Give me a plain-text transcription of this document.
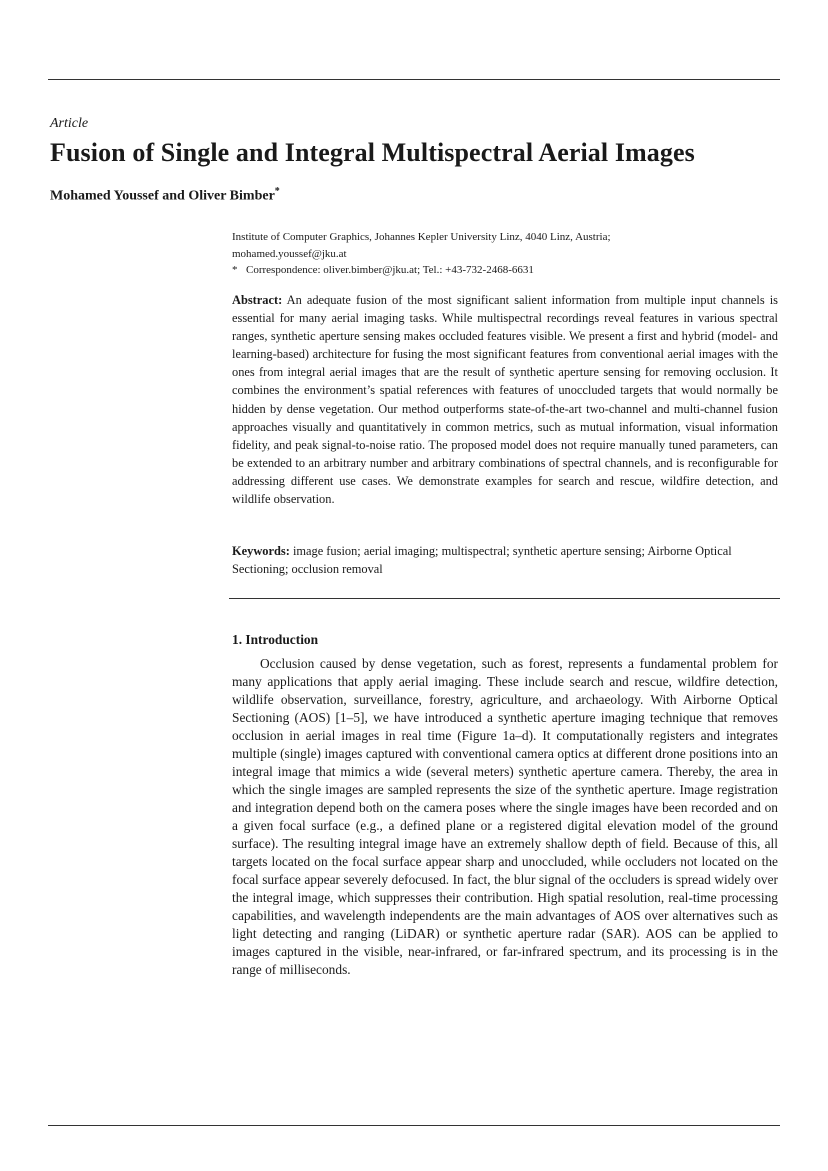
Article
Fusion of Single and Integral Multispectral Aerial Images
Mohamed Youssef and Oliver Bimber*
Institute of Computer Graphics, Johannes Kepler University Linz, 4040 Linz, Austria;
mohamed.youssef@jku.at
* Correspondence: oliver.bimber@jku.at; Tel.: +43-732-2468-6631
Abstract: An adequate fusion of the most significant salient information from multiple input channels is essential for many aerial imaging tasks. While multispectral recordings reveal features in various spectral ranges, synthetic aperture sensing makes occluded features visible. We present a first and hybrid (model- and learning-based) architecture for fusing the most significant features from conventional aerial images with the ones from integral aerial images that are the result of synthetic aperture sensing for removing occlusion. It combines the environment’s spatial references with features of unoccluded targets that would normally be hidden by dense vegetation. Our method outperforms state-of-the-art two-channel and multi-channel fusion approaches visually and quantitatively in common metrics, such as mutual information, visual information fidelity, and peak signal-to-noise ratio. The proposed model does not require manually tuned parameters, can be extended to an arbitrary number and arbitrary combinations of spectral channels, and is reconfigurable for addressing different use cases. We demonstrate examples for search and rescue, wildfire detection, and wildlife observation.
Keywords: image fusion; aerial imaging; multispectral; synthetic aperture sensing; Airborne Optical Sectioning; occlusion removal
1. Introduction

Occlusion caused by dense vegetation, such as forest, represents a fundamental problem for many applications that apply aerial imaging. These include search and rescue, wildfire detection, wildlife observation, surveillance, forestry, agriculture, and archaeology. With Airborne Optical Sectioning (AOS) [1–5], we have introduced a synthetic aperture imaging technique that removes occlusion in aerial images in real time (Figure 1a–d). It computationally registers and integrates multiple (single) images captured with conventional camera optics at different drone positions into an integral image that mimics a wide (several meters) synthetic aperture camera. Thereby, the area in which the single images are sampled represents the size of the synthetic aperture. Image registration and integration depend both on the camera poses where the single images have been recorded and on a given focal surface (e.g., a defined plane or a registered digital elevation model of the ground surface). The resulting integral image have an extremely shallow depth of field. Because of this, all targets located on the focal surface appear sharp and unoccluded, while occluders not located on the focal surface appear severely defocused. In fact, the blur signal of the occluders is spread widely over the integral image, which suppresses their contribution. High spatial resolution, real-time processing capabilities, and wavelength independents are the main advantages of AOS over alternatives such as light detecting and ranging (LiDAR) or synthetic aperture radar (SAR). AOS can be applied to images captured in the visible, near-infrared, or far-infrared spectrum, and its processing is in the range of milliseconds.
